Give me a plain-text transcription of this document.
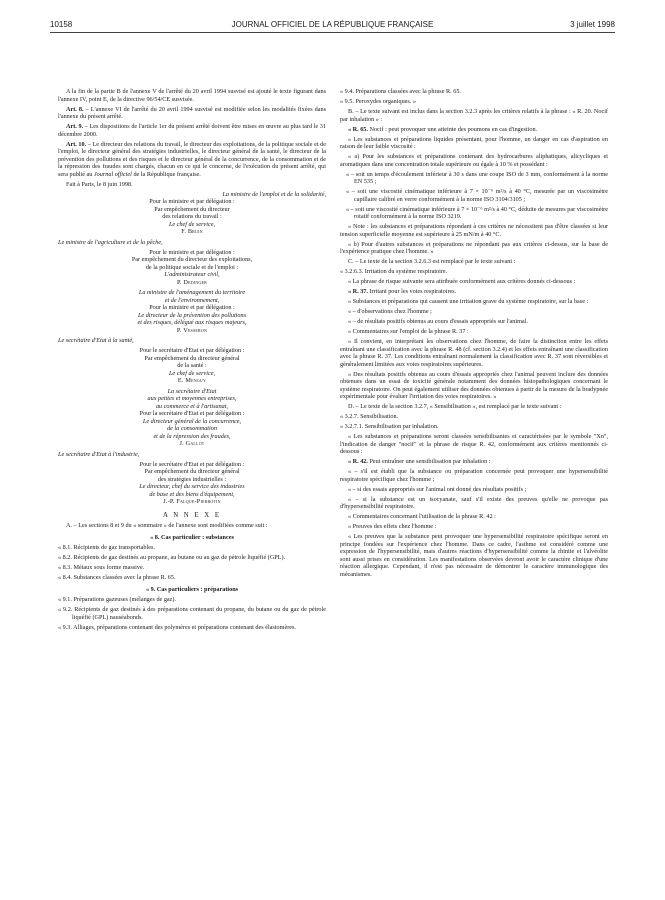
10158	JOURNAL OFFICIEL DE LA RÉPUBLIQUE FRANÇAISE	3 juillet 1998

A la fin de la partie B de l'annexe V de l'arrêté du 20 avril 1994 susvisé est ajouté le texte figurant dans l'annexe IV, point E, de la directive 96/54/CE susvisée.

Art. 8. – L'annexe VI de l'arrêté du 20 avril 1994 susvisé est modifiée selon les modalités fixées dans l'annexe du présent arrêté.

Art. 9. – Les dispositions de l'article 1er du présent arrêté doivent être mises en œuvre au plus tard le 31 décembre 2000.

Art. 10. – Le directeur des relations du travail, le directeur des exploitations, de la politique sociale et de l'emploi, le directeur général des stratégies industrielles, le directeur général de la santé, le directeur de la prévention des pollutions et des risques et le directeur général de la concurrence, de la consommation et de la répression des fraudes sont chargés, chacun en ce qui le concerne, de l'exécution du présent arrêté, qui sera publié au Journal officiel de la République française.

Fait à Paris, le 8 juin 1998.

La ministre de l'emploi et de la solidarité,

Pour la ministre et par délégation :

Par empêchement du directeur

des relations du travail :

Le chef de service,

F. Bruin

Le ministre de l'agriculture et de la pêche,

Pour le ministre et par délégation :

Par empêchement du directeur des exploitations,

de la politique sociale et de l'emploi :

L'administrateur civil,

P. Dedinger

La ministre de l'aménagement du territoire

et de l'environnement,

Pour la ministre et par délégation :

Le directeur de la prévention des pollutions

et des risques, délégué aux risques majeurs,

P. Vesseron

Le secrétaire d'Etat à la santé,

Pour le secrétaire d'Etat et par délégation :

Par empêchement du directeur général

de la santé :

Le chef de service,

E. Menguy

La secrétaire d'Etat

aux petites et moyennes entreprises,

au commerce et à l'artisanat,

Pour la secrétaire d'Etat et par délégation :

Le directeur général de la concurrence,

de la consommation

et de la répression des fraudes,

J. Gallot

Le secrétaire d'Etat à l'industrie,

Pour le secrétaire d'Etat et par délégation :

Par empêchement du directeur général

des stratégies industrielles :

Le directeur, chef du service des industries

de base et des biens d'équipement,

J.-P. Falque-Pierrotin

A N N E X E

A. – Les sections 8 et 9 du « sommaire » de l'annexe sont modifiées comme suit :

« 8. Cas particulier : substances

« 8.1. Récipients de gaz transportables.

« 8.2. Récipients de gaz destinés au propane, au butane ou au gaz de pétrole liquéfié (GPL).

« 8.3. Métaux sous forme massive.

« 8.4. Substances classées avec la phrase R. 65.

« 9. Cas particuliers : préparations

« 9.1. Préparations gazeuses (mélanges de gaz).

« 9.2. Récipients de gaz destinés à des préparations contenant du propane, du butane ou du gaz de pétrole liquéfié (GPL) nauséabonds.

« 9.3. Alliages, préparations contenant des polymères et préparations contenant des élastomères.

« 9.4. Préparations classées avec la phrase R. 65.

« 9.5. Peroxydes organiques. »

B. – Le texte suivant est inclus dans la section 3.2.3 après les critères relatifs à la phrase : « R. 20. Nocif par inhalation » :

« R. 65. Nocif : peut provoquer une atteinte des poumons en cas d'ingestion.

« Les substances et préparations liquides présentant, pour l'homme, un danger en cas d'aspiration en raison de leur faible viscosité :

« a) Pour les substances et préparations contenant des hydrocarbures aliphatiques, alicycliques et aromatiques dans une concentration totale supérieure ou égale à 10 % et possédant :

« – soit un temps d'écoulement inférieur à 30 s dans une coupe ISO de 3 mm, conformément à la norme EN 535 ;

« – soit une viscosité cinématique inférieure à 7 × 10⁻⁶ m²/s à 40 °C, mesurée par un viscosimètre capillaire calibré en verre conformément à la norme ISO 3104/3105 ;

« – soit une viscosité cinématique inférieure à 7 × 10⁻⁶ m²/s à 40 °C, déduite de mesures par viscosimètre rotatif conformément à la norme ISO 3219.

« Note : les substances et préparations répondant à ces critères ne nécessitent pas d'être classées si leur tension superficielle moyenne est supérieure à 25 mN/m à 40 °C.

« b) Pour d'autres substances et préparations ne répondant pas aux critères ci-dessus, sur la base de l'expérience pratique chez l'homme. »

C. – Le texte de la section 3.2.6.3 est remplacé par le texte suivant :

« 3.2.6.3. Irritation du système respiratoire.

« La phrase de risque suivante sera attribuée conformément aux critères donnés ci-dessous :

« R. 37. Irritant pour les voies respiratoires.

« Substances et préparations qui causent une irritation grave du système respiratoire, sur la base :

« – d'observations chez l'homme ;

« – de résultats positifs obtenus au cours d'essais appropriés sur l'animal.

« Commentaires sur l'emploi de la phrase R. 37 :

« Il convient, en interprétant les observations chez l'homme, de faire la distinction entre les effets entraînant une classification avec la phrase R. 48 (cf. section 3.2.4) et les effets entraînant une classification avec la phrase R. 37. Les conditions entraînant normalement la classification avec R. 37 sont réversibles et généralement limitées aux voies respiratoires supérieures.

« Des résultats positifs obtenus au cours d'essais appropriés chez l'animal peuvent inclure des données obtenues dans un essai de toxicité générale notamment des données histopathologiques concernant le système respiratoire. On peut également utiliser des données obtenues à partir de la mesure de la bradypnée expérimentale pour évaluer l'irritation des voies respiratoires. »

D. – Le texte de la section 3.2.7, « Sensibilisation », est remplacé par le texte suivant :

« 3.2.7. Sensibilisation.

« 3.2.7.1. Sensibilisation par inhalation.

« Les substances et préparations seront classées sensibilisantes et caractérisées par le symbole "Xn", l'indication de danger "nocif" et la phrase de risque R. 42, conformément aux critères mentionnés ci-dessous :

« R. 42. Peut entraîner une sensibilisation par inhalation :

« – s'il est établi que la substance ou préparation concernée peut provoquer une hypersensibilité respiratoire spécifique chez l'homme ;

« – si des essais appropriés sur l'animal ont donné des résultats positifs ;

« – si la substance est un isocyanate, sauf s'il existe des preuves qu'elle ne provoque pas d'hypersensibilité respiratoire.

« Commentaires concernant l'utilisation de la phrase R. 42 :

« Preuves des effets chez l'homme :

« Les preuves que la substance peut provoquer une hypersensibilité respiratoire spécifique seront en principe fondées sur l'expérience chez l'homme. Dans ce cadre, l'asthme est considéré comme une expression de l'hypersensibilité, mais d'autres réactions d'hypersensibilité comme la rhinite et l'alvéolite sont aussi prises en considération. Les manifestations observées devront avoir le caractère clinique d'une réaction allergique. Cependant, il n'est pas nécessaire de démontrer le caractère immunologique des mécanismes.
